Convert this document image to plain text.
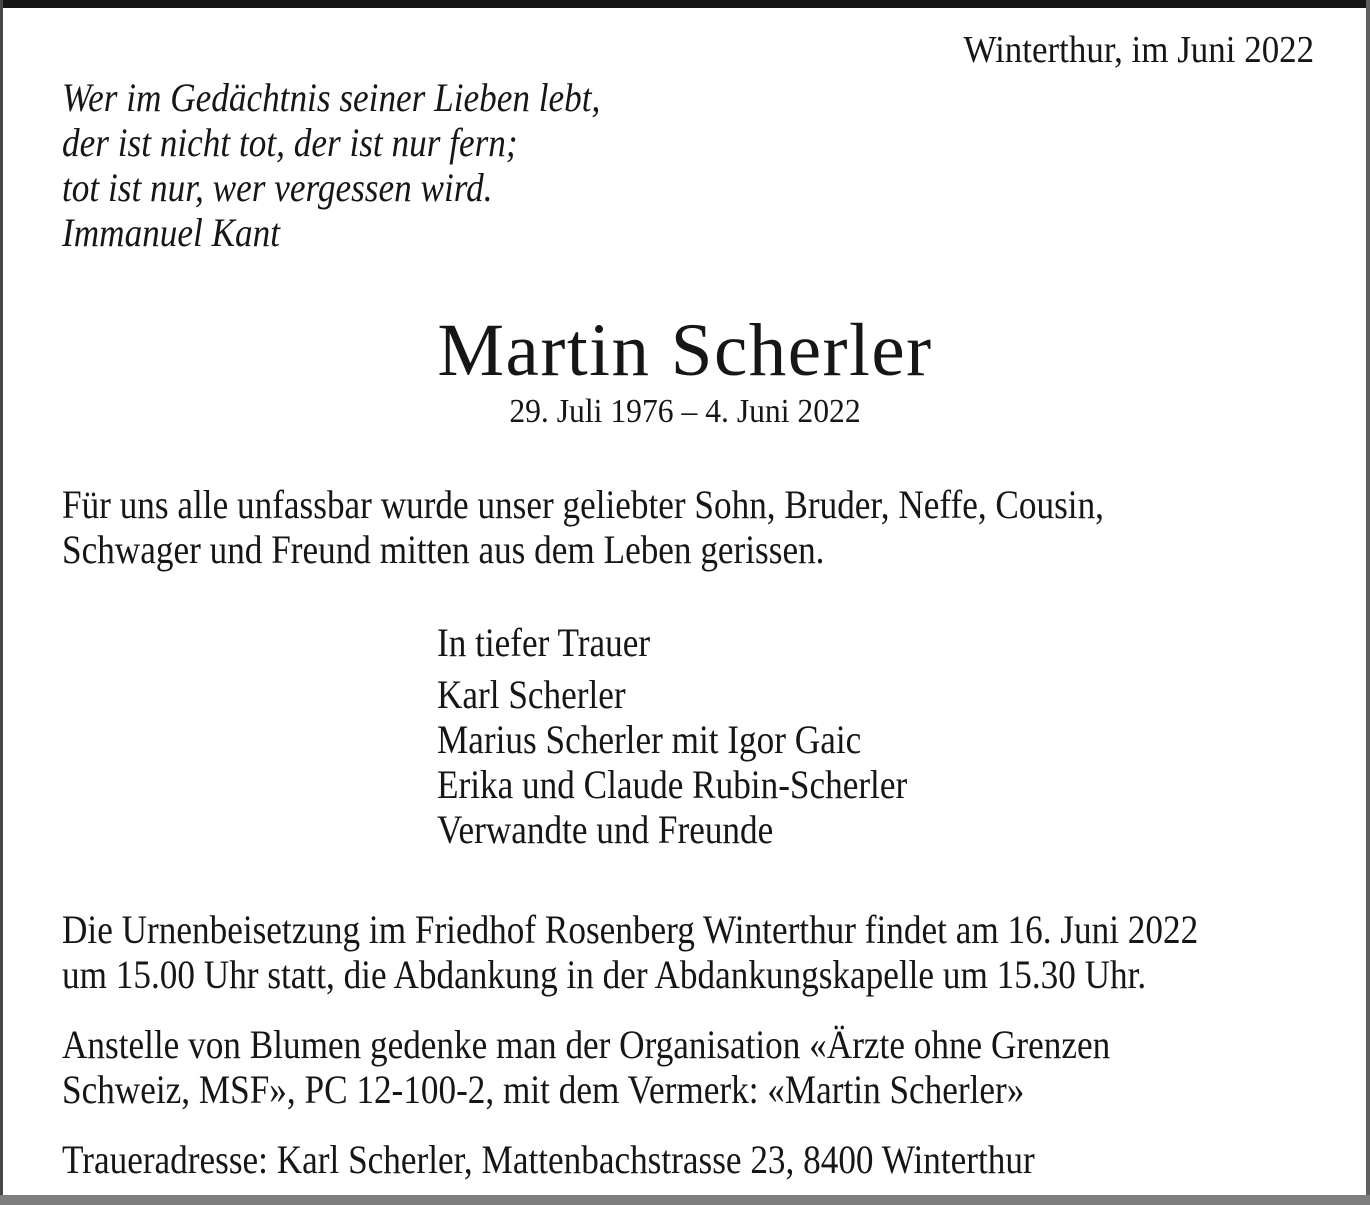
Winterthur, im Juni 2022
Wer im Gedächtnis seiner Lieben lebt,
der ist nicht tot, der ist nur fern;
tot ist nur, wer vergessen wird.
Immanuel Kant
Martin Scherler
29. Juli 1976 – 4. Juni 2022
Für uns alle unfassbar wurde unser geliebter Sohn, Bruder, Neffe, Cousin,
Schwager und Freund mitten aus dem Leben gerissen.
In tiefer Trauer
Karl Scherler
Marius Scherler mit Igor Gaic
Erika und Claude Rubin-Scherler
Verwandte und Freunde
Die Urnenbeisetzung im Friedhof Rosenberg Winterthur findet am 16. Juni 2022
um 15.00 Uhr statt, die Abdankung in der Abdankungskapelle um 15.30 Uhr.
Anstelle von Blumen gedenke man der Organisation «Ärzte ohne Grenzen
Schweiz, MSF», PC 12-100-2, mit dem Vermerk: «Martin Scherler»
Traueradresse: Karl Scherler, Mattenbachstrasse 23, 8400 Winterthur
